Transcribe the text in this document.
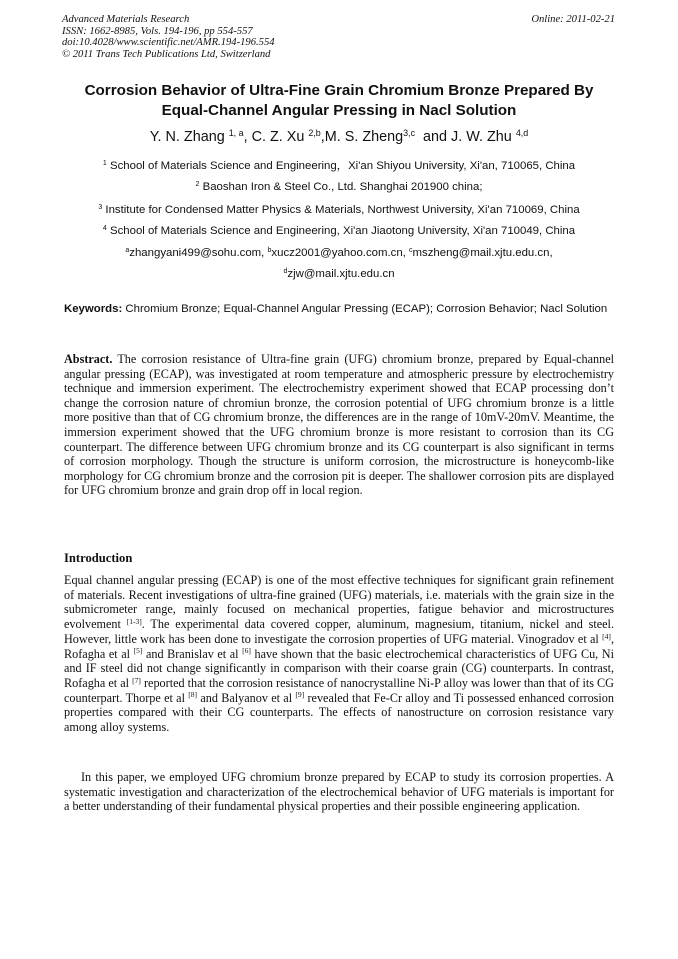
Advanced Materials Research
ISSN: 1662-8985, Vols. 194-196, pp 554-557
doi:10.4028/www.scientific.net/AMR.194-196.554
© 2011 Trans Tech Publications Ltd, Switzerland
Online: 2011-02-21
Corrosion Behavior of Ultra-Fine Grain Chromium Bronze Prepared By
Equal-Channel Angular Pressing in Nacl Solution
Y. N. Zhang $^{1, a}$, C. Z. Xu $^{2,b}$,M. S. Zheng$^{3,c}$ and J. W. Zhu $^{4,d}$
$^1$ School of Materials Science and Engineering，Xi'an Shiyou University, Xi'an, 710065, China
$^2$ Baoshan Iron & Steel Co., Ltd. Shanghai 201900 china;
$^3$ Institute for Condensed Matter Physics & Materials, Northwest University, Xi'an 710069, China
$^4$ School of Materials Science and Engineering, Xi'an Jiaotong University, Xi'an 710049, China
$^a$zhangyani499@sohu.com, $^b$xucz2001@yahoo.com.cn, $^c$mszheng@mail.xjtu.edu.cn,
$^d$zjw@mail.xjtu.edu.cn
Keywords: Chromium Bronze; Equal-Channel Angular Pressing (ECAP); Corrosion Behavior; Nacl Solution
Abstract. The corrosion resistance of Ultra-fine grain (UFG) chromium bronze, prepared by Equal-channel angular pressing (ECAP), was investigated at room temperature and atmospheric pressure by electrochemistry technique and immersion experiment. The electrochemistry experiment showed that ECAP processing don’t change the corrosion nature of chromiun bronze, the corrosion potential of UFG chromium bronze is a little more positive than that of CG chromium bronze, the differences are in the range of 10mV-20mV. Meantime, the immersion experiment showed that the UFG chromium bronze is more resistant to corrosion than its CG counterpart. The difference between UFG chromium bronze and its CG counterpart is also significant in terms of corrosion morphology. Though the structure is uniform corrosion, the microstructure is honeycomb-like morphology for CG chromium bronze and the corrosion pit is deeper. The shallower corrosion pits are displayed for UFG chromium bronze and grain drop off in local region.
Introduction
Equal channel angular pressing (ECAP) is one of the most effective techniques for significant grain refinement of materials. Recent investigations of ultra-fine grained (UFG) materials, i.e. materials with the grain size in the submicrometer range, mainly focused on mechanical properties, fatigue behavior and microstructures evolvement [1-3]. The experimental data covered copper, aluminum, magnesium, titanium, nickel and steel. However, little work has been done to investigate the corrosion properties of UFG material. Vinogradov et al [4], Rofagha et al [5] and Branislav et al [6] have shown that the basic electrochemical characteristics of UFG Cu, Ni and IF steel did not change significantly in comparison with their coarse grain (CG) counterparts. In contrast, Rofagha et al [7] reported that the corrosion resistance of nanocrystalline Ni-P alloy was lower than that of its CG counterpart. Thorpe et al [8] and Balyanov et al [9] revealed that Fe-Cr alloy and Ti possessed enhanced corrosion properties compared with their CG counterparts. The effects of nanostructure on corrosion resistance vary among alloy systems.
In this paper, we employed UFG chromium bronze prepared by ECAP to study its corrosion properties. A systematic investigation and characterization of the electrochemical behavior of UFG materials is important for a better understanding of their fundamental physical properties and their possible engineering application.
